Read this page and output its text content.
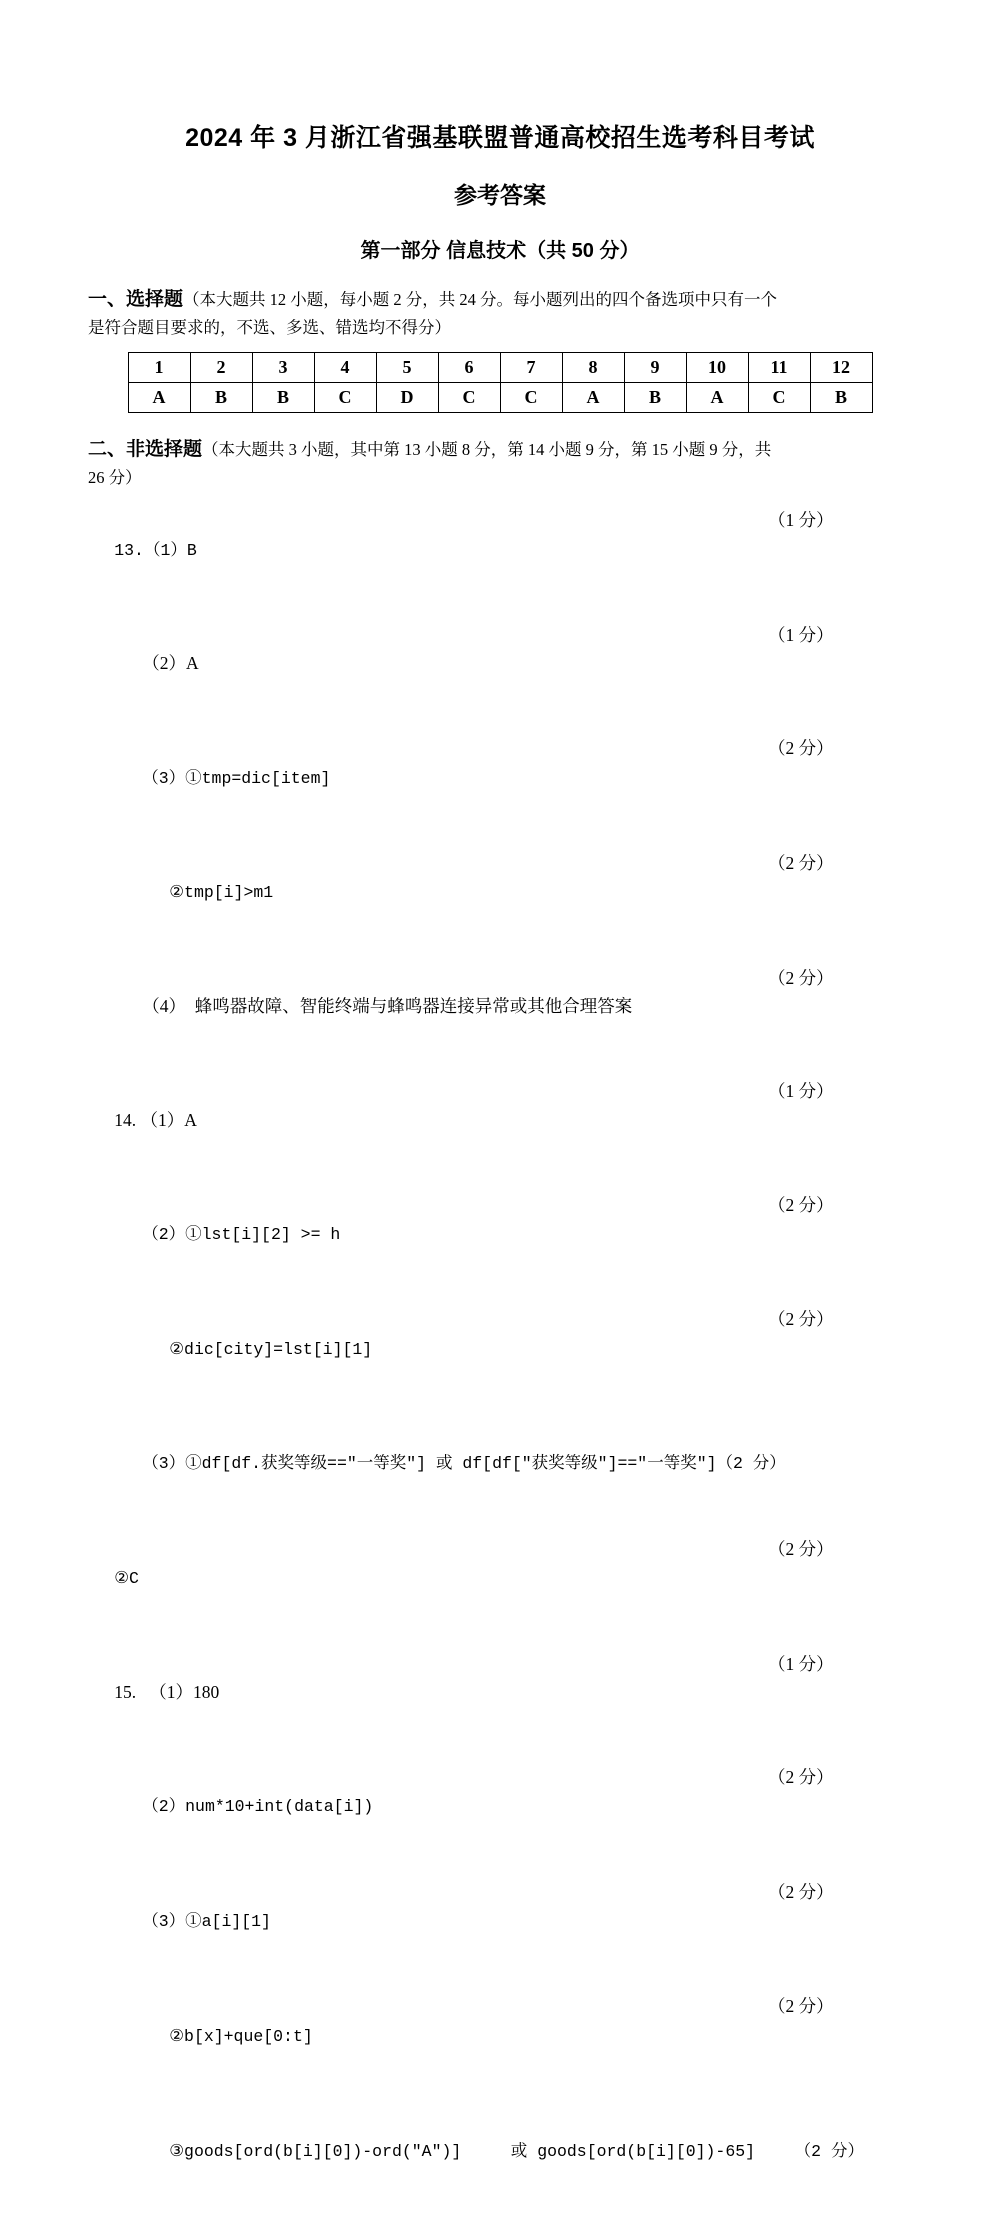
2024 年 3 月浙江省强基联盟普通高校招生选考科目考试
参考答案
第一部分 信息技术（共 50 分）
一、选择题（本大题共 12 小题，每小题 2 分，共 24 分。每小题列出的四个备选项中只有一个
是符合题目要求的，不选、多选、错选均不得分）
1	2	3	4	5	6	7	8	9	10	11	12
A	B	B	C	D	C	C	A	B	A	C	B
二、非选择题（本大题共 3 小题，其中第 13 小题 8 分，第 14 小题 9 分，第 15 小题 9 分，共
26 分）

13.（1）B

（1 分）

（2）A

（1 分）

（3）①tmp=dic[item]

（2 分）

②tmp[i]>m1

（2 分）

（4）  蜂鸣器故障、智能终端与蜂鸣器连接异常或其他合理答案

（2 分）

14. （1）A

（1 分）

（2）①lst[i][2] >= h

（2 分）

②dic[city]=lst[i][1]

（2 分）

（3）①df[df.获奖等级==″一等奖″] 或 df[df[″获奖等级″]==″一等奖″]（2 分）

②C

（2 分）

15.   （1）180

（1 分）

（2）num*10+int(data[i])

（2 分）

（3）①a[i][1]

（2 分）

②b[x]+que[0:t]

（2 分）

③goods[ord(b[i][0])-ord(″A″)]     或 goods[ord(b[i][0])-65]    （2 分）
